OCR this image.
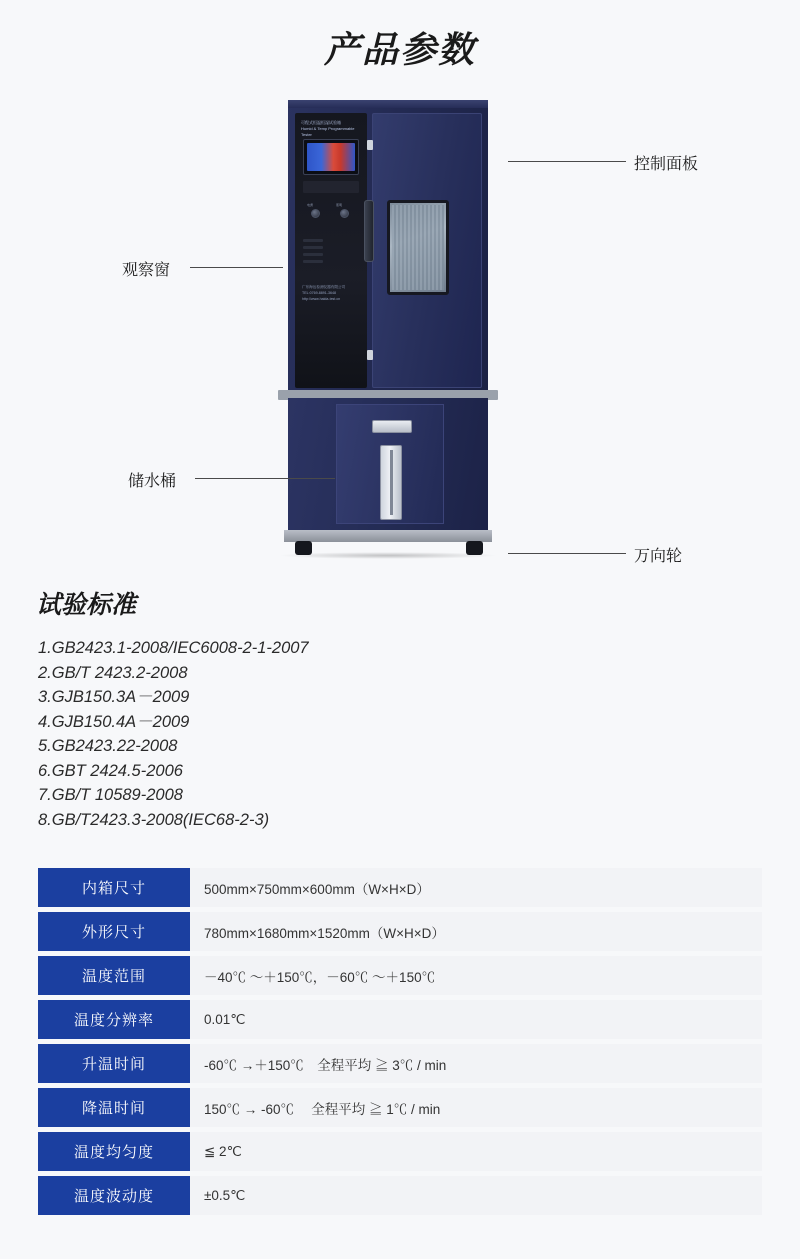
产品参数
可程式恒温恒湿试验箱
Humid & Temp Programmable Tester
电源	照明
广东海达检测仪器有限公司
TEL:0769-8891-3648
http://www.haida-test.cn
控制面板
观察窗
储水桶
万向轮
试验标准
1.GB2423.1-2008/IEC6008-2-1-2007
2.GB/T 2423.2-2008
3.GJB150.3A－2009
4.GJB150.4A－2009
5.GB2423.22-2008
6.GBT 2424.5-2006
7.GB/T 10589-2008
8.GB/T2423.3-2008(IEC68-2-3)
内箱尺寸	500mm×750mm×600mm（W×H×D）
外形尺寸	780mm×1680mm×1520mm（W×H×D）
温度范围	－40℃ ～＋150℃，－60℃ ～＋150℃
温度分辨率	0.01℃
升温时间	-60℃ →＋150℃　全程平均 ≧ 3℃ / min
降温时间	150℃ → -60℃　 全程平均 ≧ 1℃ / min
温度均匀度	≦ 2℃
温度波动度	±0.5℃
